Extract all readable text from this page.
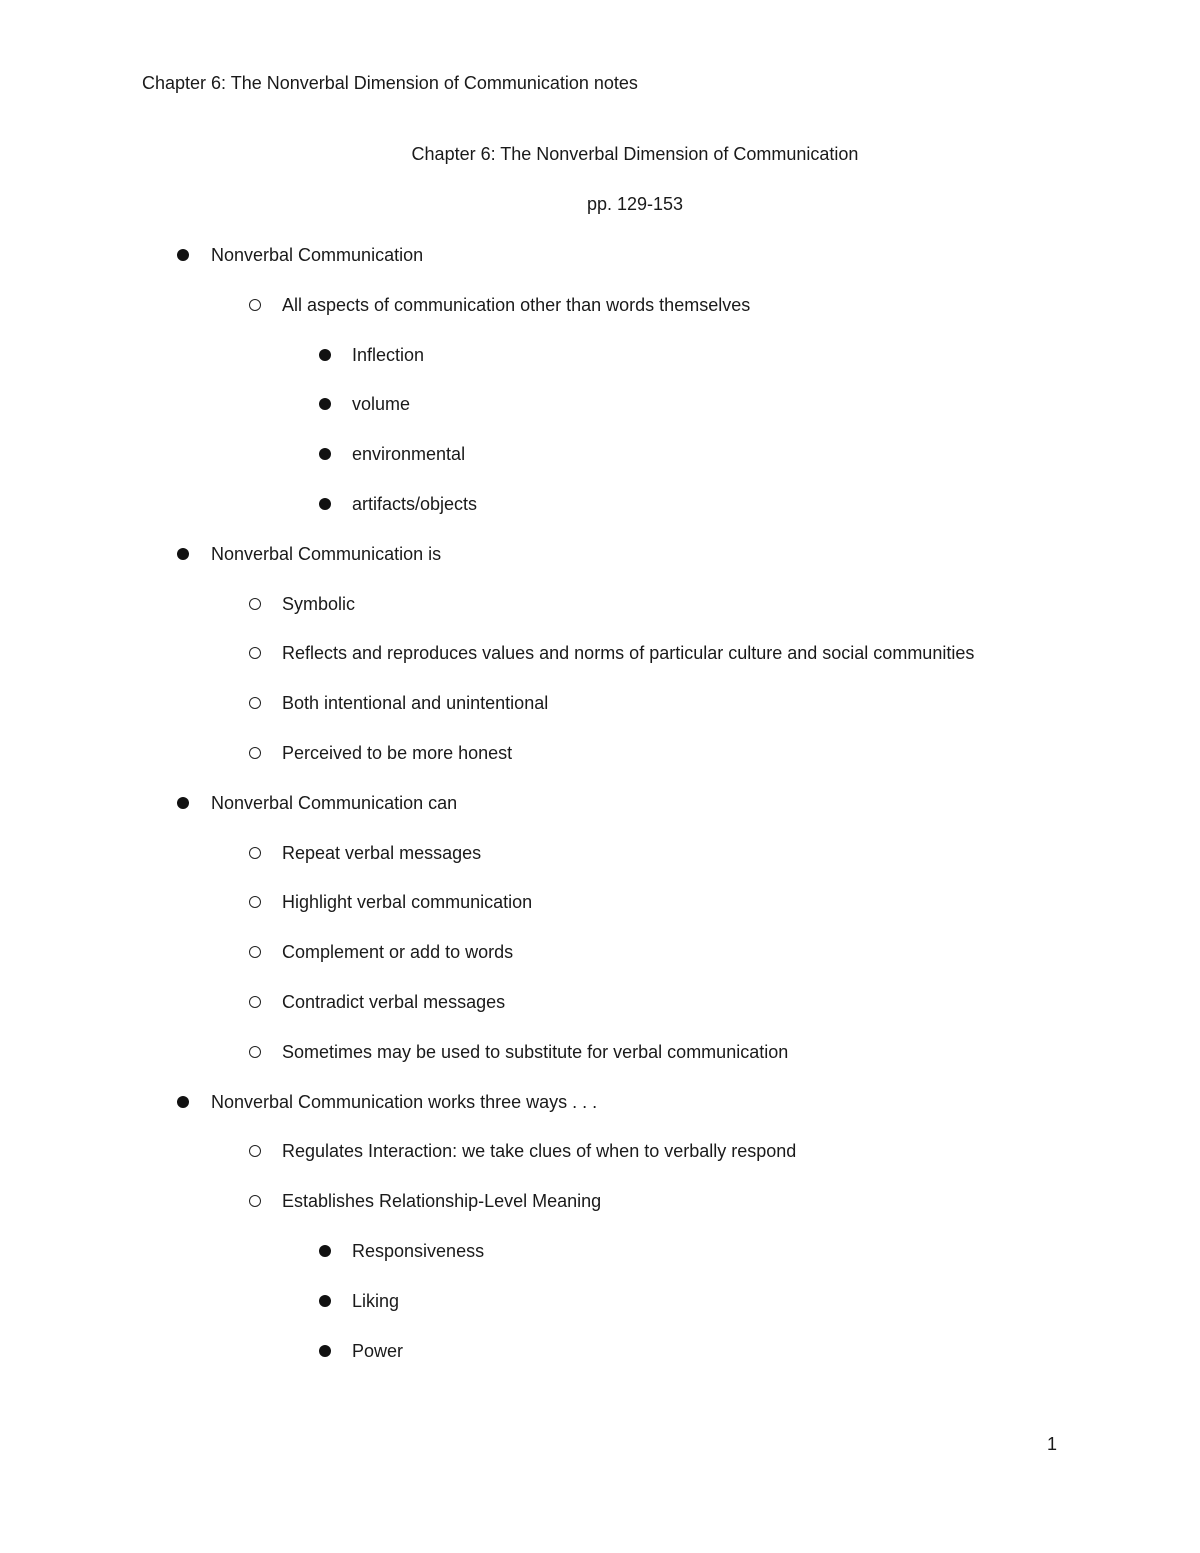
Chapter 6: The Nonverbal Dimension of Communication notes
Chapter 6: The Nonverbal Dimension of Communication
pp. 129-153
Nonverbal Communication
All aspects of communication other than words themselves
Inflection
volume
environmental
artifacts/objects
Nonverbal Communication is
Symbolic
Reflects and reproduces values and norms of particular culture and social communities
Both intentional and unintentional
Perceived to be more honest
Nonverbal Communication can
Repeat verbal messages
Highlight verbal communication
Complement or add to words
Contradict verbal messages
Sometimes may be used to substitute for verbal communication
Nonverbal Communication works three ways . . .
Regulates Interaction: we take clues of when to verbally respond
Establishes Relationship-Level Meaning
Responsiveness
Liking
Power
1
